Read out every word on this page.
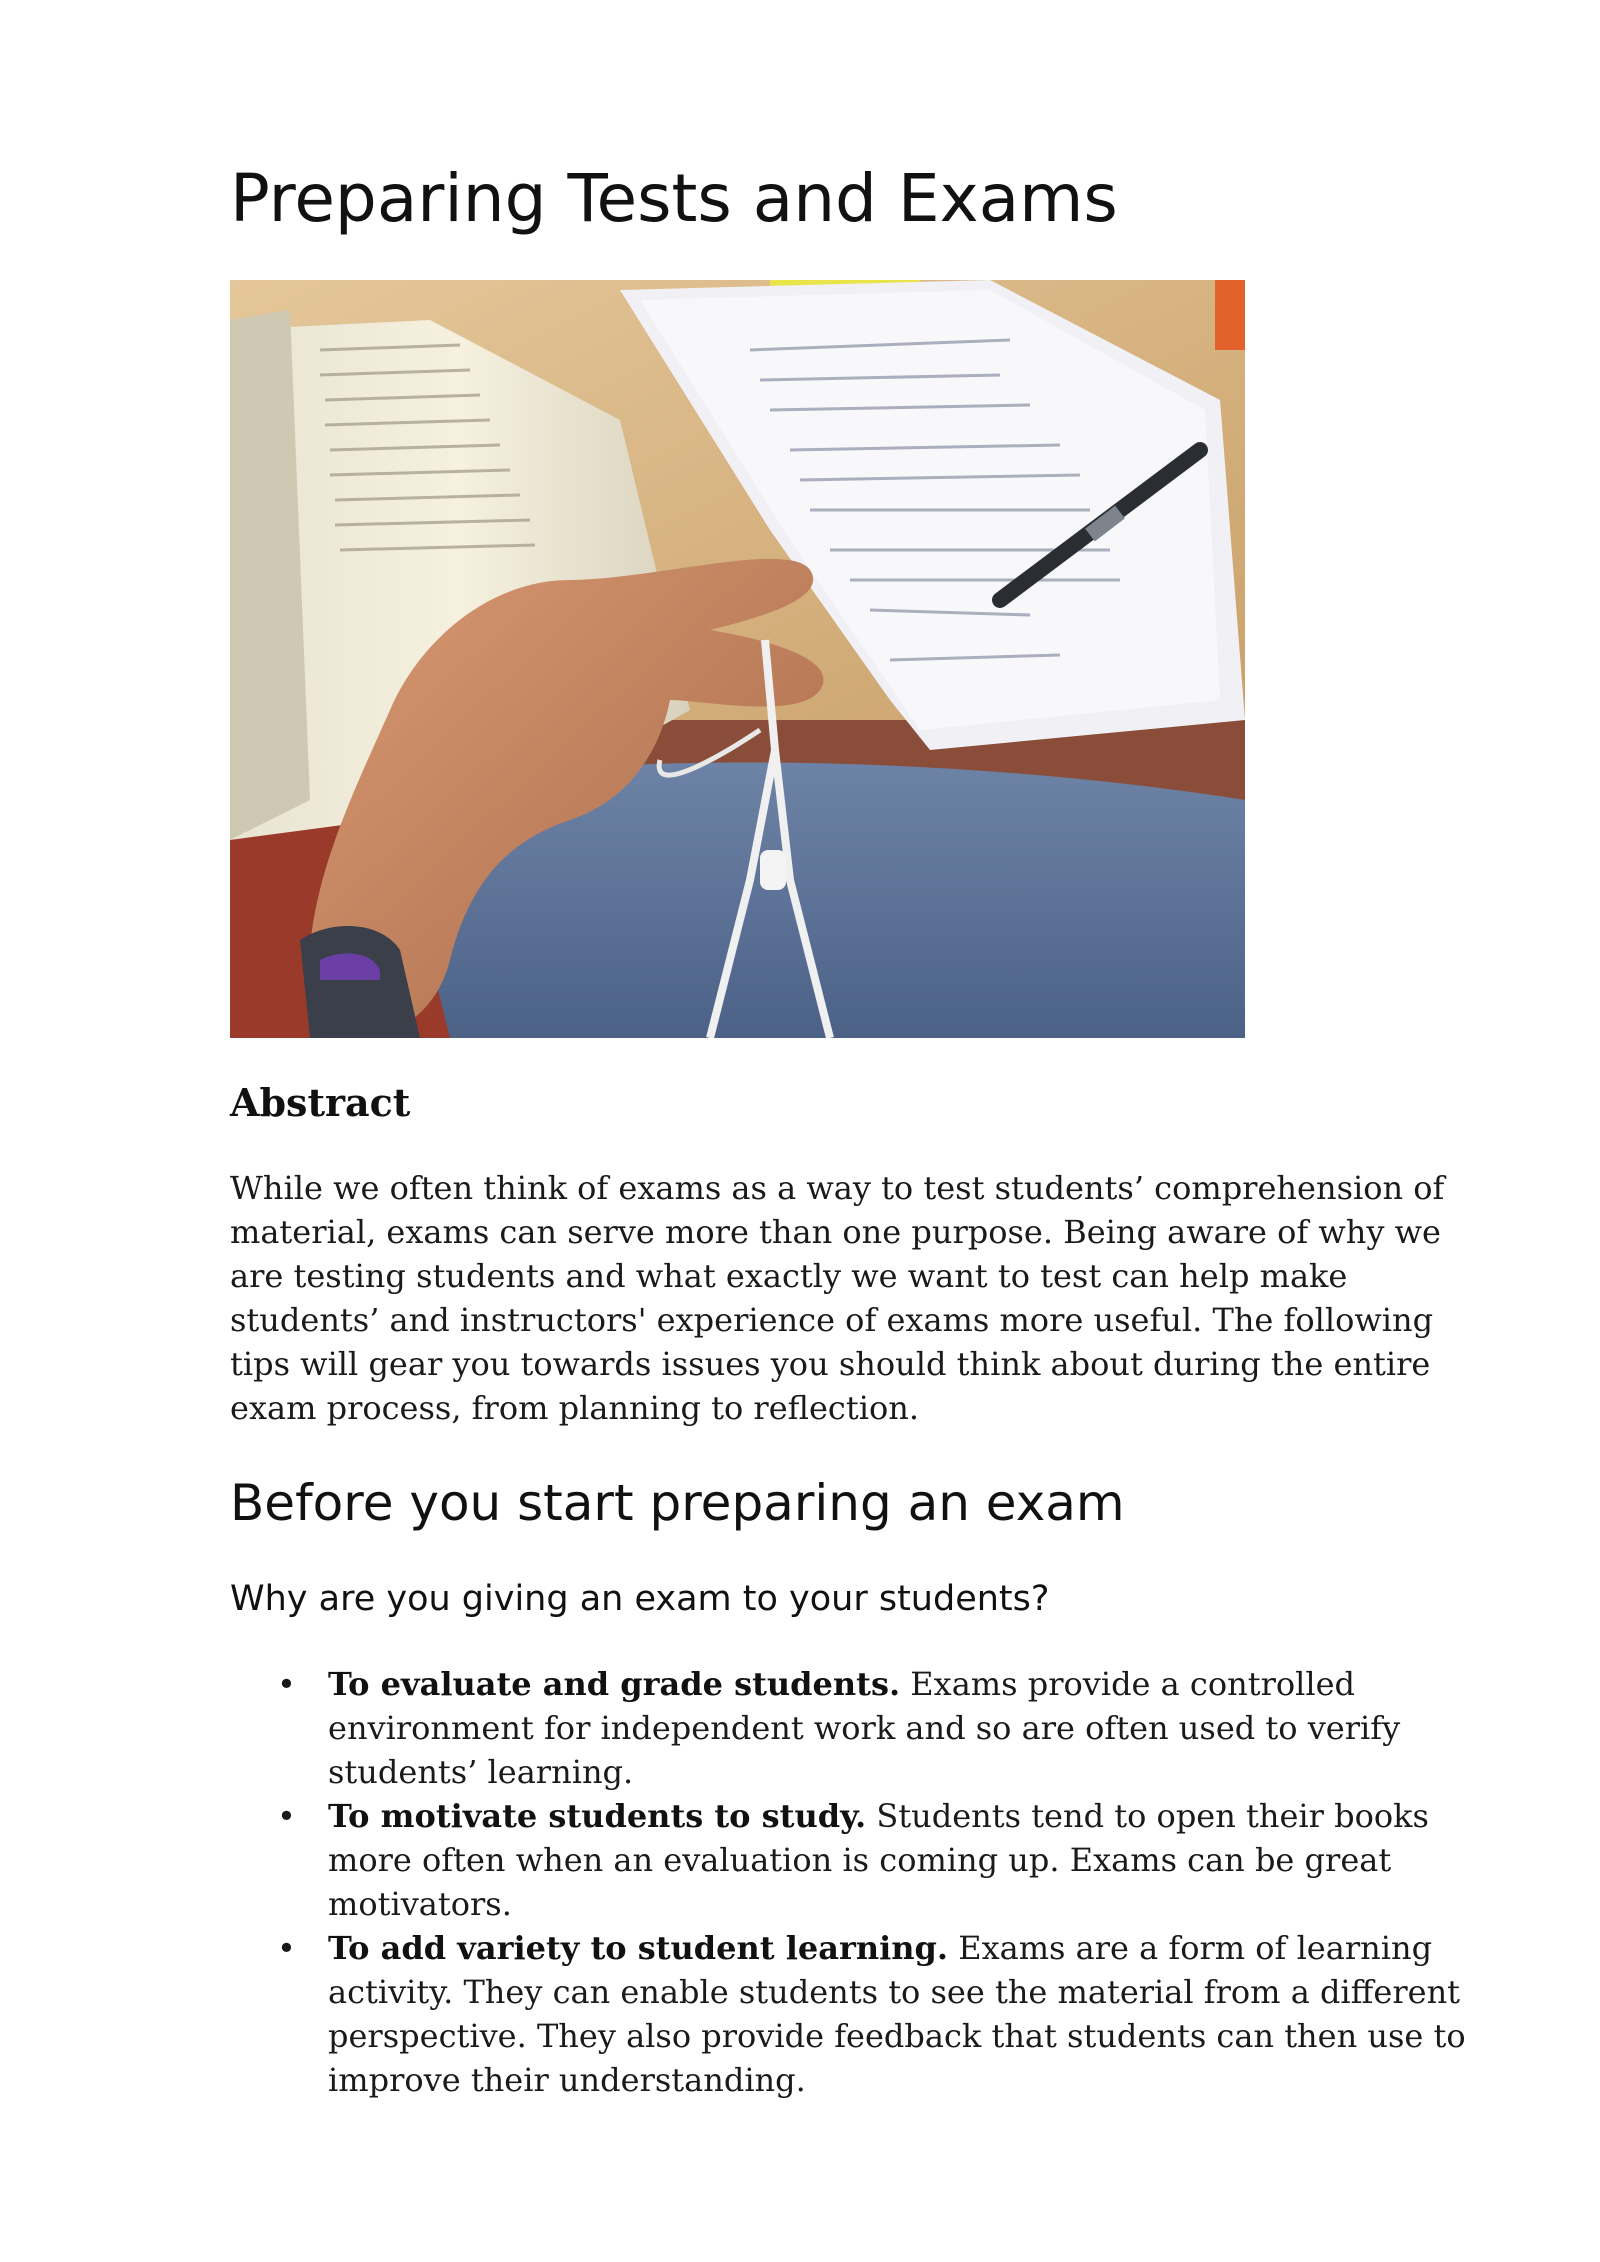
Preparing Tests and Exams
Abstract

While we often think of exams as a way to test students’ comprehension of material, exams can serve more than one purpose. Being aware of why we are testing students and what exactly we want to test can help make students’ and instructors' experience of exams more useful. The following tips will gear you towards issues you should think about during the entire exam process, from planning to reflection.

Before you start preparing an exam

Why are you giving an exam to your students?

• To evaluate and grade students. Exams provide a controlled environment for independent work and so are often used to verify students’ learning.
• To motivate students to study. Students tend to open their books more often when an evaluation is coming up. Exams can be great motivators.
• To add variety to student learning. Exams are a form of learning activity. They can enable students to see the material from a different perspective. They also provide feedback that students can then use to improve their understanding.
